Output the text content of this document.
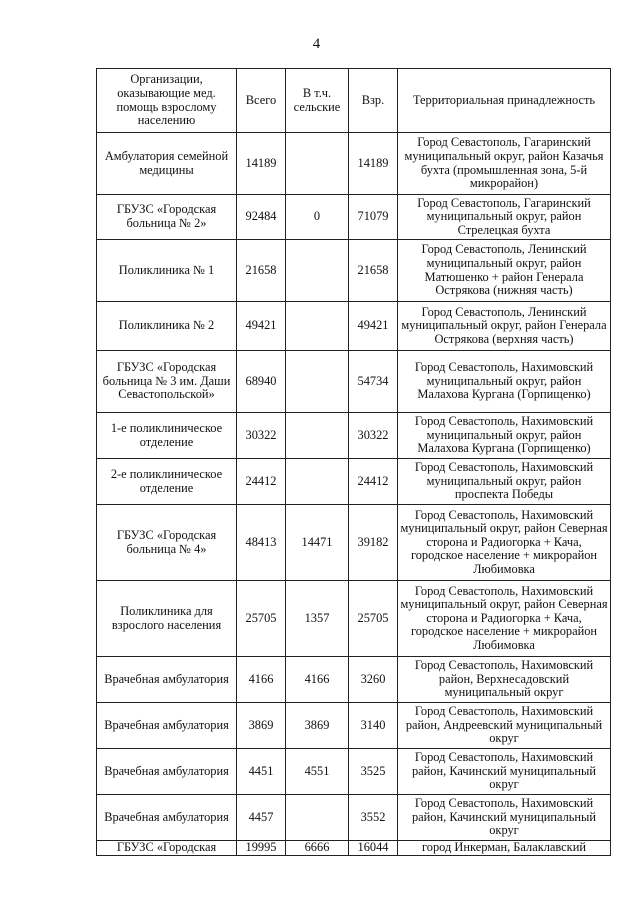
4
Организации, оказывающие мед. помощь взрослому населению	Всего	В т.ч. сельские	Взр.	Территориальная принадлежность
Амбулатория семейной медицины	14189		14189	Город Севастополь, Гагаринский муниципальный округ, район Казачья бухта (промышленная зона, 5-й микрорайон)
ГБУЗС «Городская больница № 2»	92484	0	71079	Город Севастополь, Гагаринский муниципальный округ, район Стрелецкая бухта
Поликлиника № 1	21658		21658	Город Севастополь, Ленинский муниципальный округ, район Матюшенко + район Генерала Острякова (нижняя часть)
Поликлиника № 2	49421		49421	Город Севастополь, Ленинский муниципальный округ, район Генерала Острякова (верхняя часть)
ГБУЗС «Городская больница № 3 им. Даши Севастопольской»	68940		54734	Город Севастополь, Нахимовский муниципальный округ, район Малахова Кургана (Горпищенко)
1-е поликлиническое отделение	30322		30322	Город Севастополь, Нахимовский муниципальный округ, район Малахова Кургана (Горпищенко)
2-е поликлиническое отделение	24412		24412	Город Севастополь, Нахимовский муниципальный округ, район проспекта Победы
ГБУЗС «Городская больница № 4»	48413	14471	39182	Город Севастополь, Нахимовский муниципальный округ, район Северная сторона и Радиогорка + Кача, городское население + микрорайон Любимовка
Поликлиника для взрослого населения	25705	1357	25705	Город Севастополь, Нахимовский муниципальный округ, район Северная сторона и Радиогорка + Кача, городское население + микрорайон Любимовка
Врачебная амбулатория	4166	4166	3260	Город Севастополь, Нахимовский район, Верхнесадовский муниципальный округ
Врачебная амбулатория	3869	3869	3140	Город Севастополь, Нахимовский район, Андреевский муниципальный округ
Врачебная амбулатория	4451	4551	3525	Город Севастополь, Нахимовский район, Качинский муниципальный округ
Врачебная амбулатория	4457		3552	Город Севастополь, Нахимовский район, Качинский муниципальный округ
ГБУЗС «Городская	19995	6666	16044	город Инкерман, Балаклавский
